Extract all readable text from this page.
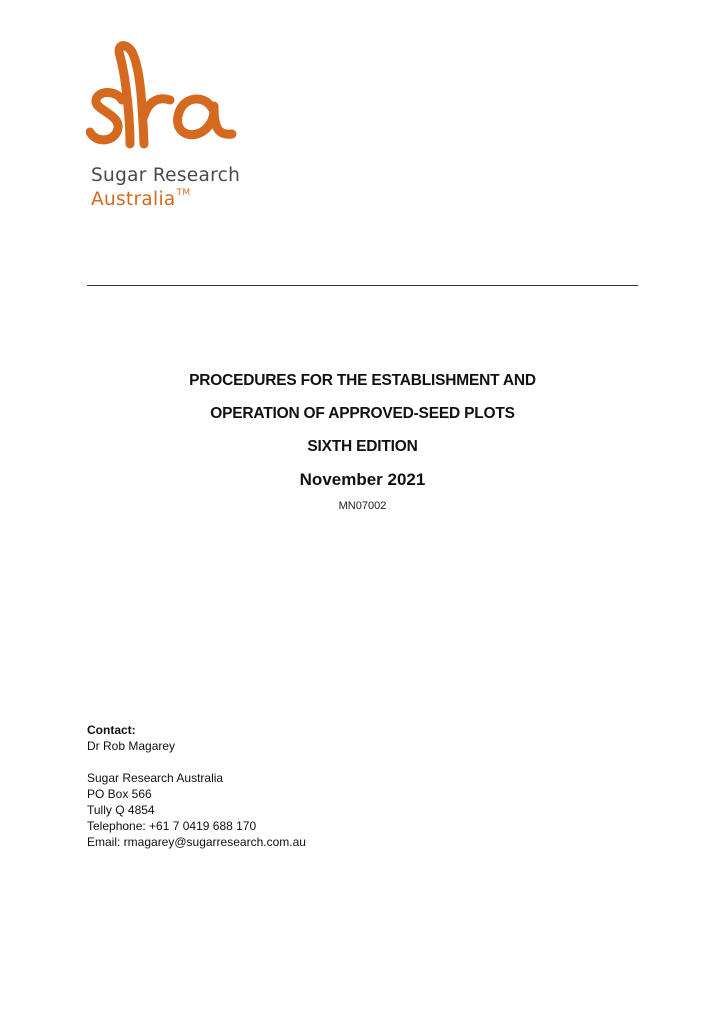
Sugar Research
Australia™
PROCEDURES FOR THE ESTABLISHMENT AND
OPERATION OF APPROVED-SEED PLOTS
SIXTH EDITION
November 2021
MN07002
Contact:
Dr Rob Magarey
Sugar Research Australia
PO Box 566
Tully Q 4854
Telephone: +61 7 0419 688 170
Email: rmagarey@sugarresearch.com.au
